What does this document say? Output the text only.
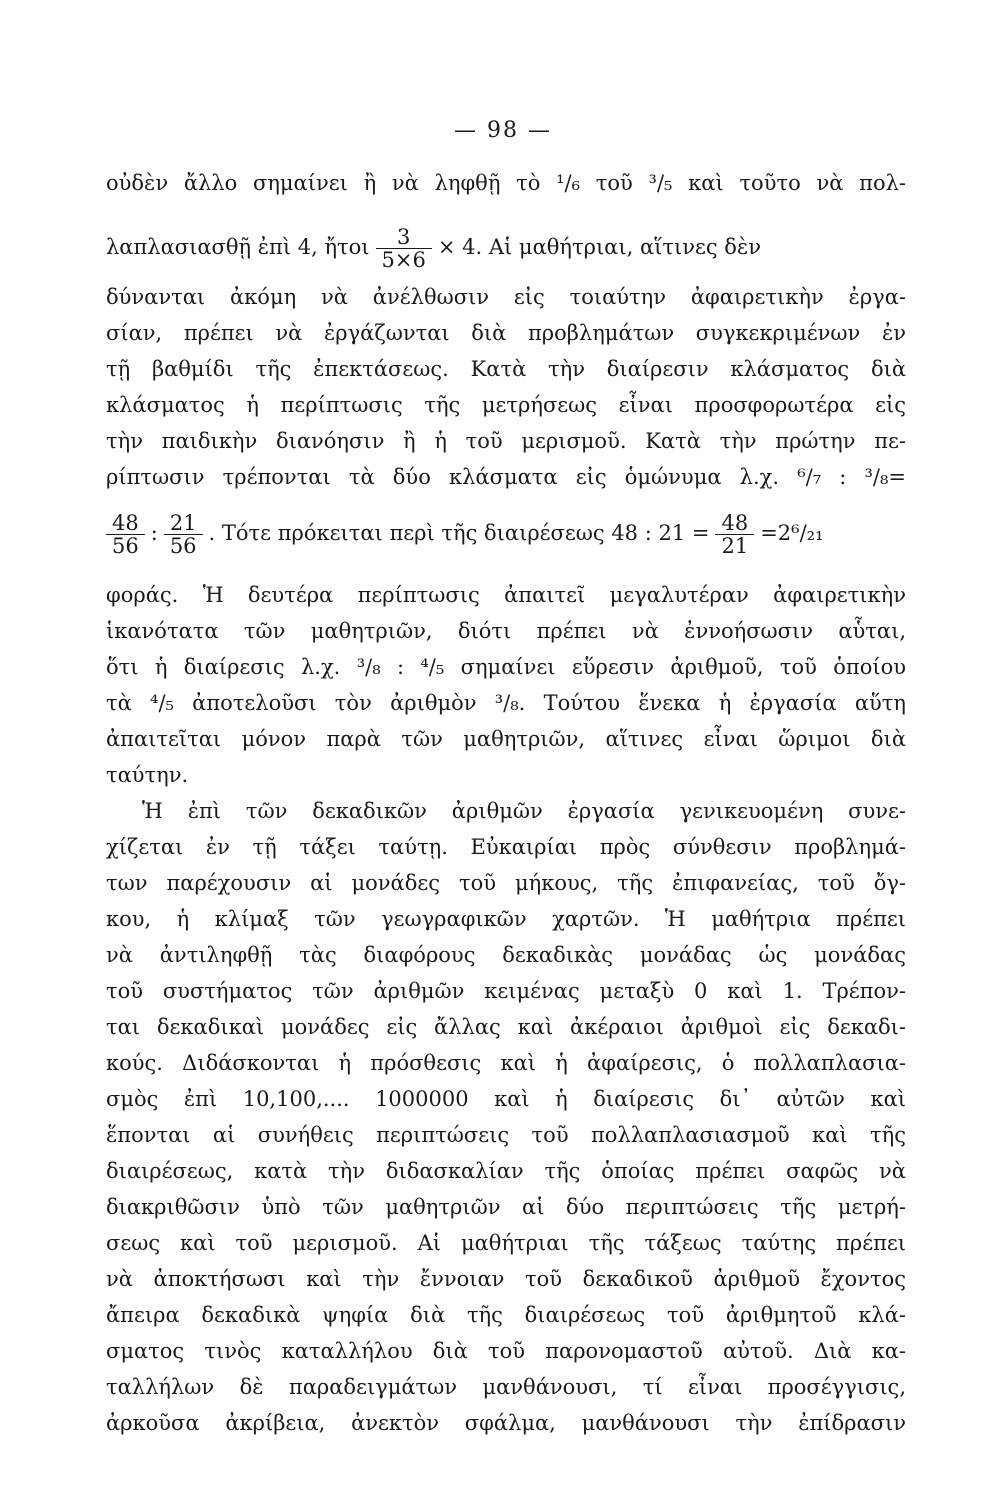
— 98 —
οὐδὲν ἄλλο σημαίνει ἢ νὰ ληφθῇ τὸ ¹/₆ τοῦ ³/₅ καὶ τοῦτο νὰ πολ-
λαπλασιασθῇ ἐπὶ 4, ἤτοι $\frac{3}{5\times 6} \times 4$. Αἱ μαθήτριαι, αἵτινες δὲν
δύνανται ἀκόμη νὰ ἀνέλθωσιν εἰς τοιαύτην ἀφαιρετικὴν ἐργα-
σίαν, πρέπει νὰ ἐργάζωνται διὰ προβλημάτων συγκεκριμένων ἐν
τῇ βαθμίδι τῆς ἐπεκτάσεως. Κατὰ τὴν διαίρεσιν κλάσματος διὰ
κλάσματος ἡ περίπτωσις τῆς μετρήσεως εἶναι προσφορωτέρα εἰς
τὴν παιδικὴν διανόησιν ἢ ἡ τοῦ μερισμοῦ. Κατὰ τὴν πρώτην πε-
ρίπτωσιν τρέπονται τὰ δύο κλάσματα εἰς ὁμώνυμα λ.χ. ⁶/₇ : ³/₈=
$\frac{48}{56}$ : $\frac{21}{56}$ . Τότε πρόκειται περὶ τῆς διαιρέσεως 48 : $21 = \frac{48}{21} =2^6/_{21}$
φοράς. Ἡ δευτέρα περίπτωσις ἀπαιτεῖ μεγαλυτέραν ἀφαιρετικὴν
ἱκανότατα τῶν μαθητριῶν, διότι πρέπει νὰ ἐννοήσωσιν αὗται,
ὅτι ἡ διαίρεσις λ.χ. ³/₈ : ⁴/₅ σημαίνει εὕρεσιν ἀριθμοῦ, τοῦ ὁποίου
τὰ ⁴/₅ ἀποτελοῦσι τὸν ἀριθμὸν ³/₈. Τούτου ἕνεκα ἡ ἐργασία αὕτη
ἀπαιτεῖται μόνον παρὰ τῶν μαθητριῶν, αἵτινες εἶναι ὥριμοι διὰ
ταύτην.
Ἡ ἐπὶ τῶν δεκαδικῶν ἀριθμῶν ἐργασία γενικευομένη συνε-
χίζεται ἐν τῇ τάξει ταύτῃ. Εὐκαιρίαι πρὸς σύνθεσιν προβλημά-
των παρέχουσιν αἱ μονάδες τοῦ μήκους, τῆς ἐπιφανείας, τοῦ ὄγ-
κου, ἡ κλίμαξ τῶν γεωγραφικῶν χαρτῶν. Ἡ μαθήτρια πρέπει
νὰ ἀντιληφθῇ τὰς διαφόρους δεκαδικὰς μονάδας ὡς μονάδας
τοῦ συστήματος τῶν ἀριθμῶν κειμένας μεταξὺ 0 καὶ 1. Τρέπον-
ται δεκαδικαὶ μονάδες εἰς ἄλλας καὶ ἀκέραιοι ἀριθμοὶ εἰς δεκαδι-
κούς. Διδάσκονται ἡ πρόσθεσις καὶ ἡ ἀφαίρεσις, ὁ πολλαπλασια-
σμὸς ἐπὶ 10,100,.... 1000000 καὶ ἡ διαίρεσις δι᾽ αὐτῶν καὶ
ἕπονται αἱ συνήθεις περιπτώσεις τοῦ πολλαπλασιασμοῦ καὶ τῆς
διαιρέσεως, κατὰ τὴν διδασκαλίαν τῆς ὁποίας πρέπει σαφῶς νὰ
διακριθῶσιν ὑπὸ τῶν μαθητριῶν αἱ δύο περιπτώσεις τῆς μετρή-
σεως καὶ τοῦ μερισμοῦ. Αἱ μαθήτριαι τῆς τάξεως ταύτης πρέπει
νὰ ἀποκτήσωσι καὶ τὴν ἔννοιαν τοῦ δεκαδικοῦ ἀριθμοῦ ἔχοντος
ἄπειρα δεκαδικὰ ψηφία διὰ τῆς διαιρέσεως τοῦ ἀριθμητοῦ κλά-
σματος τινὸς καταλλήλου διὰ τοῦ παρονομαστοῦ αὐτοῦ. Διὰ κα-
ταλλήλων δὲ παραδειγμάτων μανθάνουσι, τί εἶναι προσέγγισις,
ἀρκοῦσα ἀκρίβεια, ἀνεκτὸν σφάλμα, μανθάνουσι τὴν ἐπίδρασιν
